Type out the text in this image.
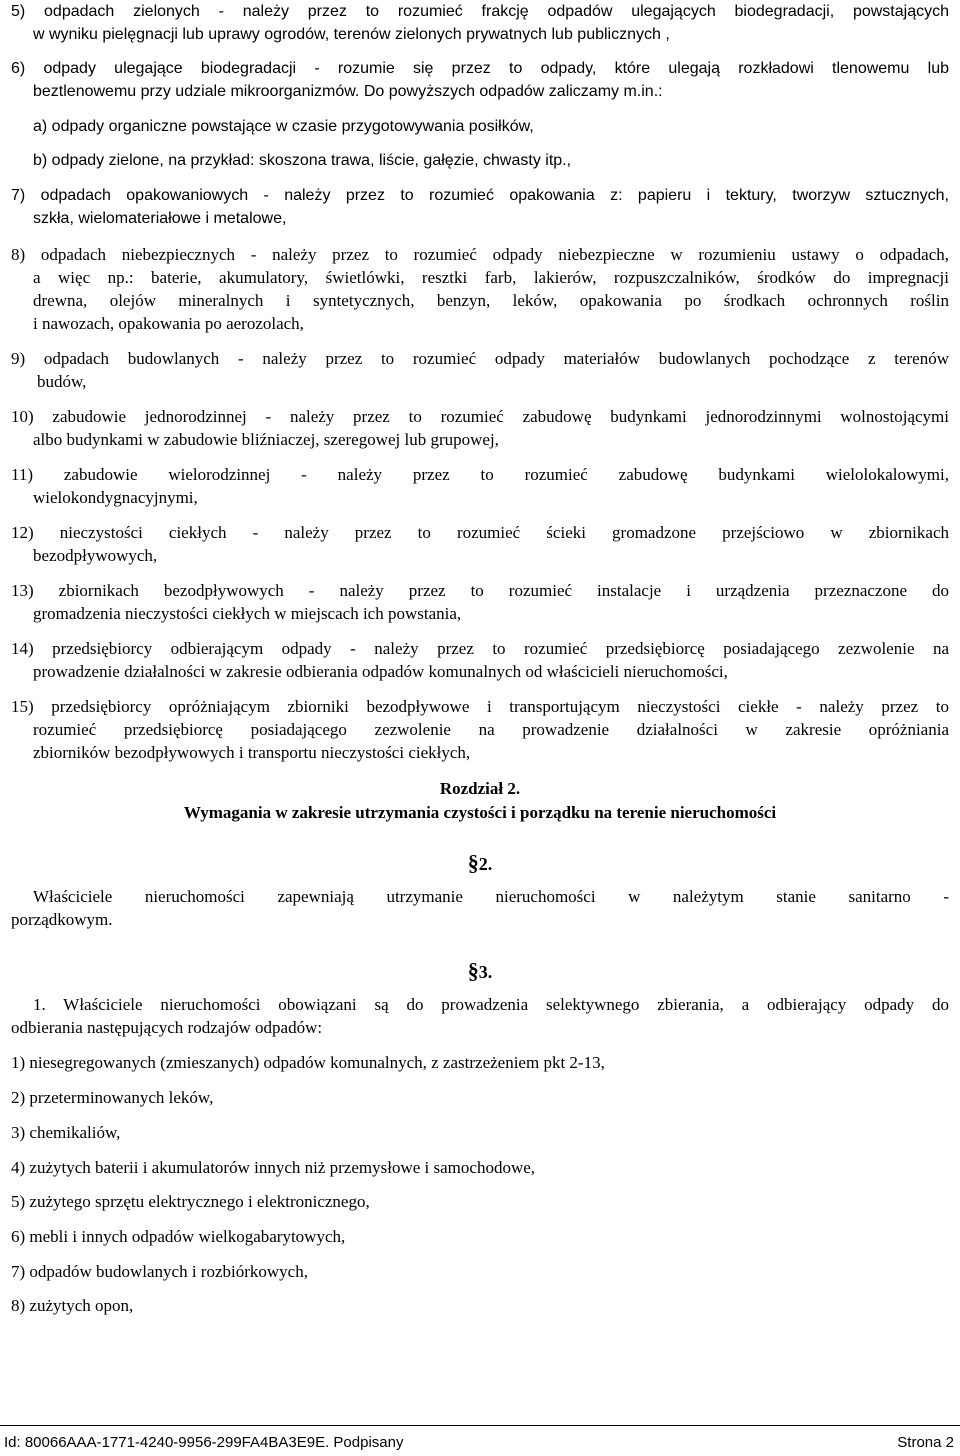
5) odpadach zielonych - należy przez to rozumieć frakcję odpadów ulegających biodegradacji, powstających
w wyniku pielęgnacji lub uprawy ogrodów, terenów zielonych prywatnych lub publicznych ,
6) odpady ulegające biodegradacji - rozumie się przez to odpady, które ulegają rozkładowi tlenowemu lub
beztlenowemu przy udziale mikroorganizmów. Do powyższych odpadów zaliczamy m.in.:
a) odpady organiczne powstające w czasie przygotowywania posiłków,
b) odpady zielone, na przykład: skoszona trawa, liście, gałęzie, chwasty itp.,
7) odpadach opakowaniowych - należy przez to rozumieć opakowania z: papieru i tektury, tworzyw sztucznych,
szkła, wielomateriałowe i metalowe,
8) odpadach niebezpiecznych - należy przez to rozumieć odpady niebezpieczne w rozumieniu ustawy o odpadach,
a więc np.: baterie, akumulatory, świetlówki, resztki farb, lakierów, rozpuszczalników, środków do impregnacji
drewna, olejów mineralnych i syntetycznych, benzyn, leków, opakowania po środkach ochronnych roślin
i nawozach, opakowania po aerozolach,
9) odpadach budowlanych - należy przez to rozumieć odpady materiałów budowlanych pochodzące z terenów
budów,
10) zabudowie jednorodzinnej - należy przez to rozumieć zabudowę budynkami jednorodzinnymi wolnostojącymi
albo budynkami w zabudowie bliźniaczej, szeregowej lub grupowej,
11) zabudowie wielorodzinnej - należy przez to rozumieć zabudowę budynkami wielolokalowymi,
wielokondygnacyjnymi,
12) nieczystości ciekłych - należy przez to rozumieć ścieki gromadzone przejściowo w zbiornikach
bezodpływowych,
13) zbiornikach bezodpływowych - należy przez to rozumieć instalacje i urządzenia przeznaczone do
gromadzenia nieczystości ciekłych w miejscach ich powstania,
14) przedsiębiorcy odbierającym odpady - należy przez to rozumieć przedsiębiorcę posiadającego zezwolenie na
prowadzenie działalności w zakresie odbierania odpadów komunalnych od właścicieli nieruchomości,
15) przedsiębiorcy opróżniającym zbiorniki bezodpływowe i transportującym nieczystości ciekłe - należy przez to
rozumieć przedsiębiorcę posiadającego zezwolenie na prowadzenie działalności w zakresie opróżniania
zbiorników bezodpływowych i transportu nieczystości ciekłych,
Rozdział 2.
Wymagania w zakresie utrzymania czystości i porządku na terenie nieruchomości
§2.
Właściciele nieruchomości zapewniają utrzymanie nieruchomości w należytym stanie sanitarno -
porządkowym.
§3.
1. Właściciele nieruchomości obowiązani są do prowadzenia selektywnego zbierania, a odbierający odpady do
odbierania następujących rodzajów odpadów:
1) niesegregowanych (zmieszanych) odpadów komunalnych, z zastrzeżeniem pkt 2-13,
2) przeterminowanych leków,
3) chemikaliów,
4) zużytych baterii i akumulatorów innych niż przemysłowe i samochodowe,
5) zużytego sprzętu elektrycznego i elektronicznego,
6) mebli i innych odpadów wielkogabarytowych,
7) odpadów budowlanych i rozbiórkowych,
8) zużytych opon,
Id: 80066AAA-1771-4240-9956-299FA4BA3E9E. Podpisany	Strona 2
